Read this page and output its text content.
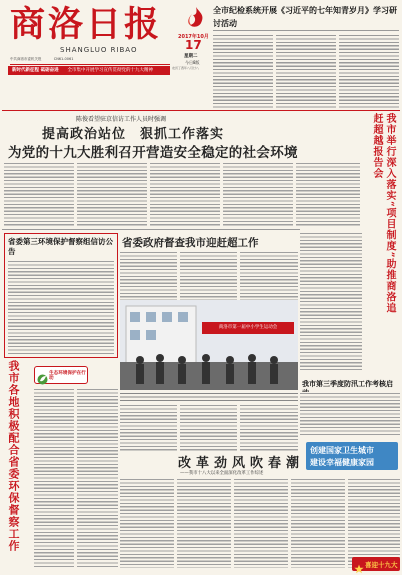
商洛日报
SHANGLUO RIBAO
2017年10月
17
星期二
今日8版
农历丁酉年八月廿八
中共商洛市委机关报	CN61-0061
新时代新征程 砥砺奋进 全市集中开展学习宣传贯彻党的十九大精神
全市纪检系统开展《习近平的七年知青岁月》学习研讨活动
陈俊看望驻京信访工作人员时强调
提高政治站位　狠抓工作落实
为党的十九大胜利召开营造安全稳定的社会环境	我市举行深入落实“项目制度”助推商洛追赶超越报告会
省委第三环境保护督察组信访公告
省委政府督查我市迎赶超工作
我市各地积极配合省委环保督察工作	生态环境保护在行动
商洛市第一届中小学生运动会
我市第三季度防汛工作考核启
创建国家卫生城市
建设幸福健康家园
改革劲风吹春潮
——我市十八大以来全面深化改革工作综述
喜迎十九大
